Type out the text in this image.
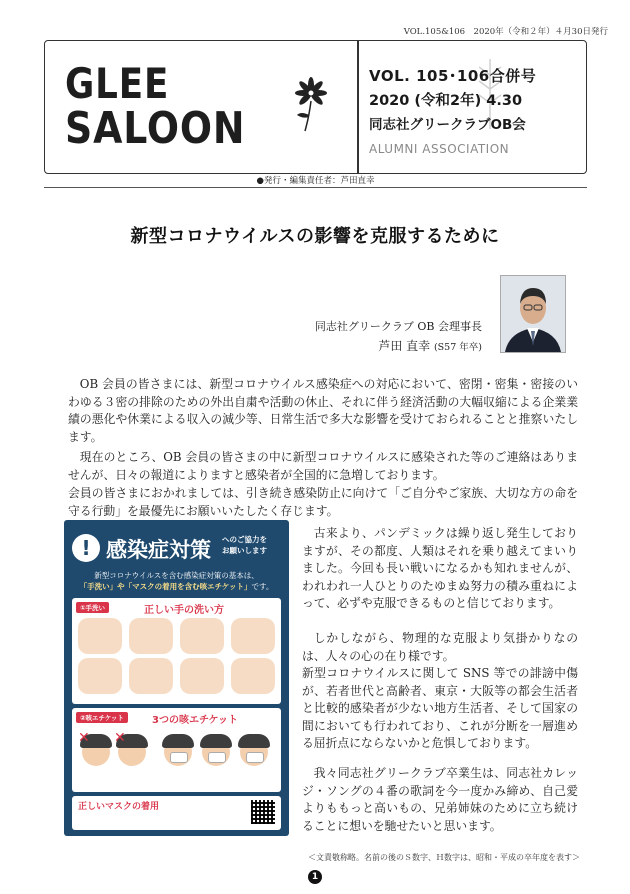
VOL.105&106　2020年（令和２年）４月30日発行
GLEE
SALOON
VOL. 105･106合併号
2020 (令和2年) 4.30
同志社グリークラブOB会
ALUMNI ASSOCIATION
●発行・編集責任者：芦田直幸
新型コロナウイルスの影響を克服するために
同志社グリークラブ OB 会理事長
芦田 直幸 (S57 年卒)
OB 会員の皆さまには、新型コロナウイルス感染症への対応において、密閉・密集・密接のいわゆる３密の排除のための外出自粛や活動の休止、それに伴う経済活動の大幅収縮による企業業績の悪化や休業による収入の減少等、日常生活で多大な影響を受けておられることと推察いたします。
現在のところ、OB 会員の皆さまの中に新型コロナウイルスに感染された等のご連絡はありませんが、日々の報道によりますと感染者が全国的に急増しております。
会員の皆さまにおかれましては、引き続き感染防止に向けて「ご自分やご家族、大切な方の命を守る行動」を最優先にお願いいたしたく存じます。
古来より、パンデミックは繰り返し発生しておりますが、その都度、人類はそれを乗り越えてまいりました。今回も長い戦いになるかも知れませんが、われわれ一人ひとりのたゆまぬ努力の積み重ねによって、必ずや克服できるものと信じております。
しかしながら、物理的な克服より気掛かりなのは、人々の心の在り様です。
新型コロナウイルスに関して SNS 等での誹謗中傷が、若者世代と高齢者、東京・大阪等の都会生活者と比較的感染者が少ない地方生活者、そして国家の間においても行われており、これが分断を一層進める屈折点にならないかと危惧しております。
我々同志社グリークラブ卒業生は、同志社カレッジ・ソングの４番の歌詞を今一度かみ締め、自己愛よりももっと高いもの、兄弟姉妹のために立ち続けることに想いを馳せたいと思います。
! 感染症対策 へのご協力を
お願いします
新型コロナウイルスを含む感染症対策の基本は、
「手洗い」や「マスクの着用を含む咳エチケット」です。
①手洗い	正しい手の洗い方
②咳エチケット	3つの咳エチケット
✕ ✕
正しいマスクの着用
＜文責敬称略。名前の後のＳ数字、Ｈ数字は、昭和・平成の卒年度を表す＞
1
